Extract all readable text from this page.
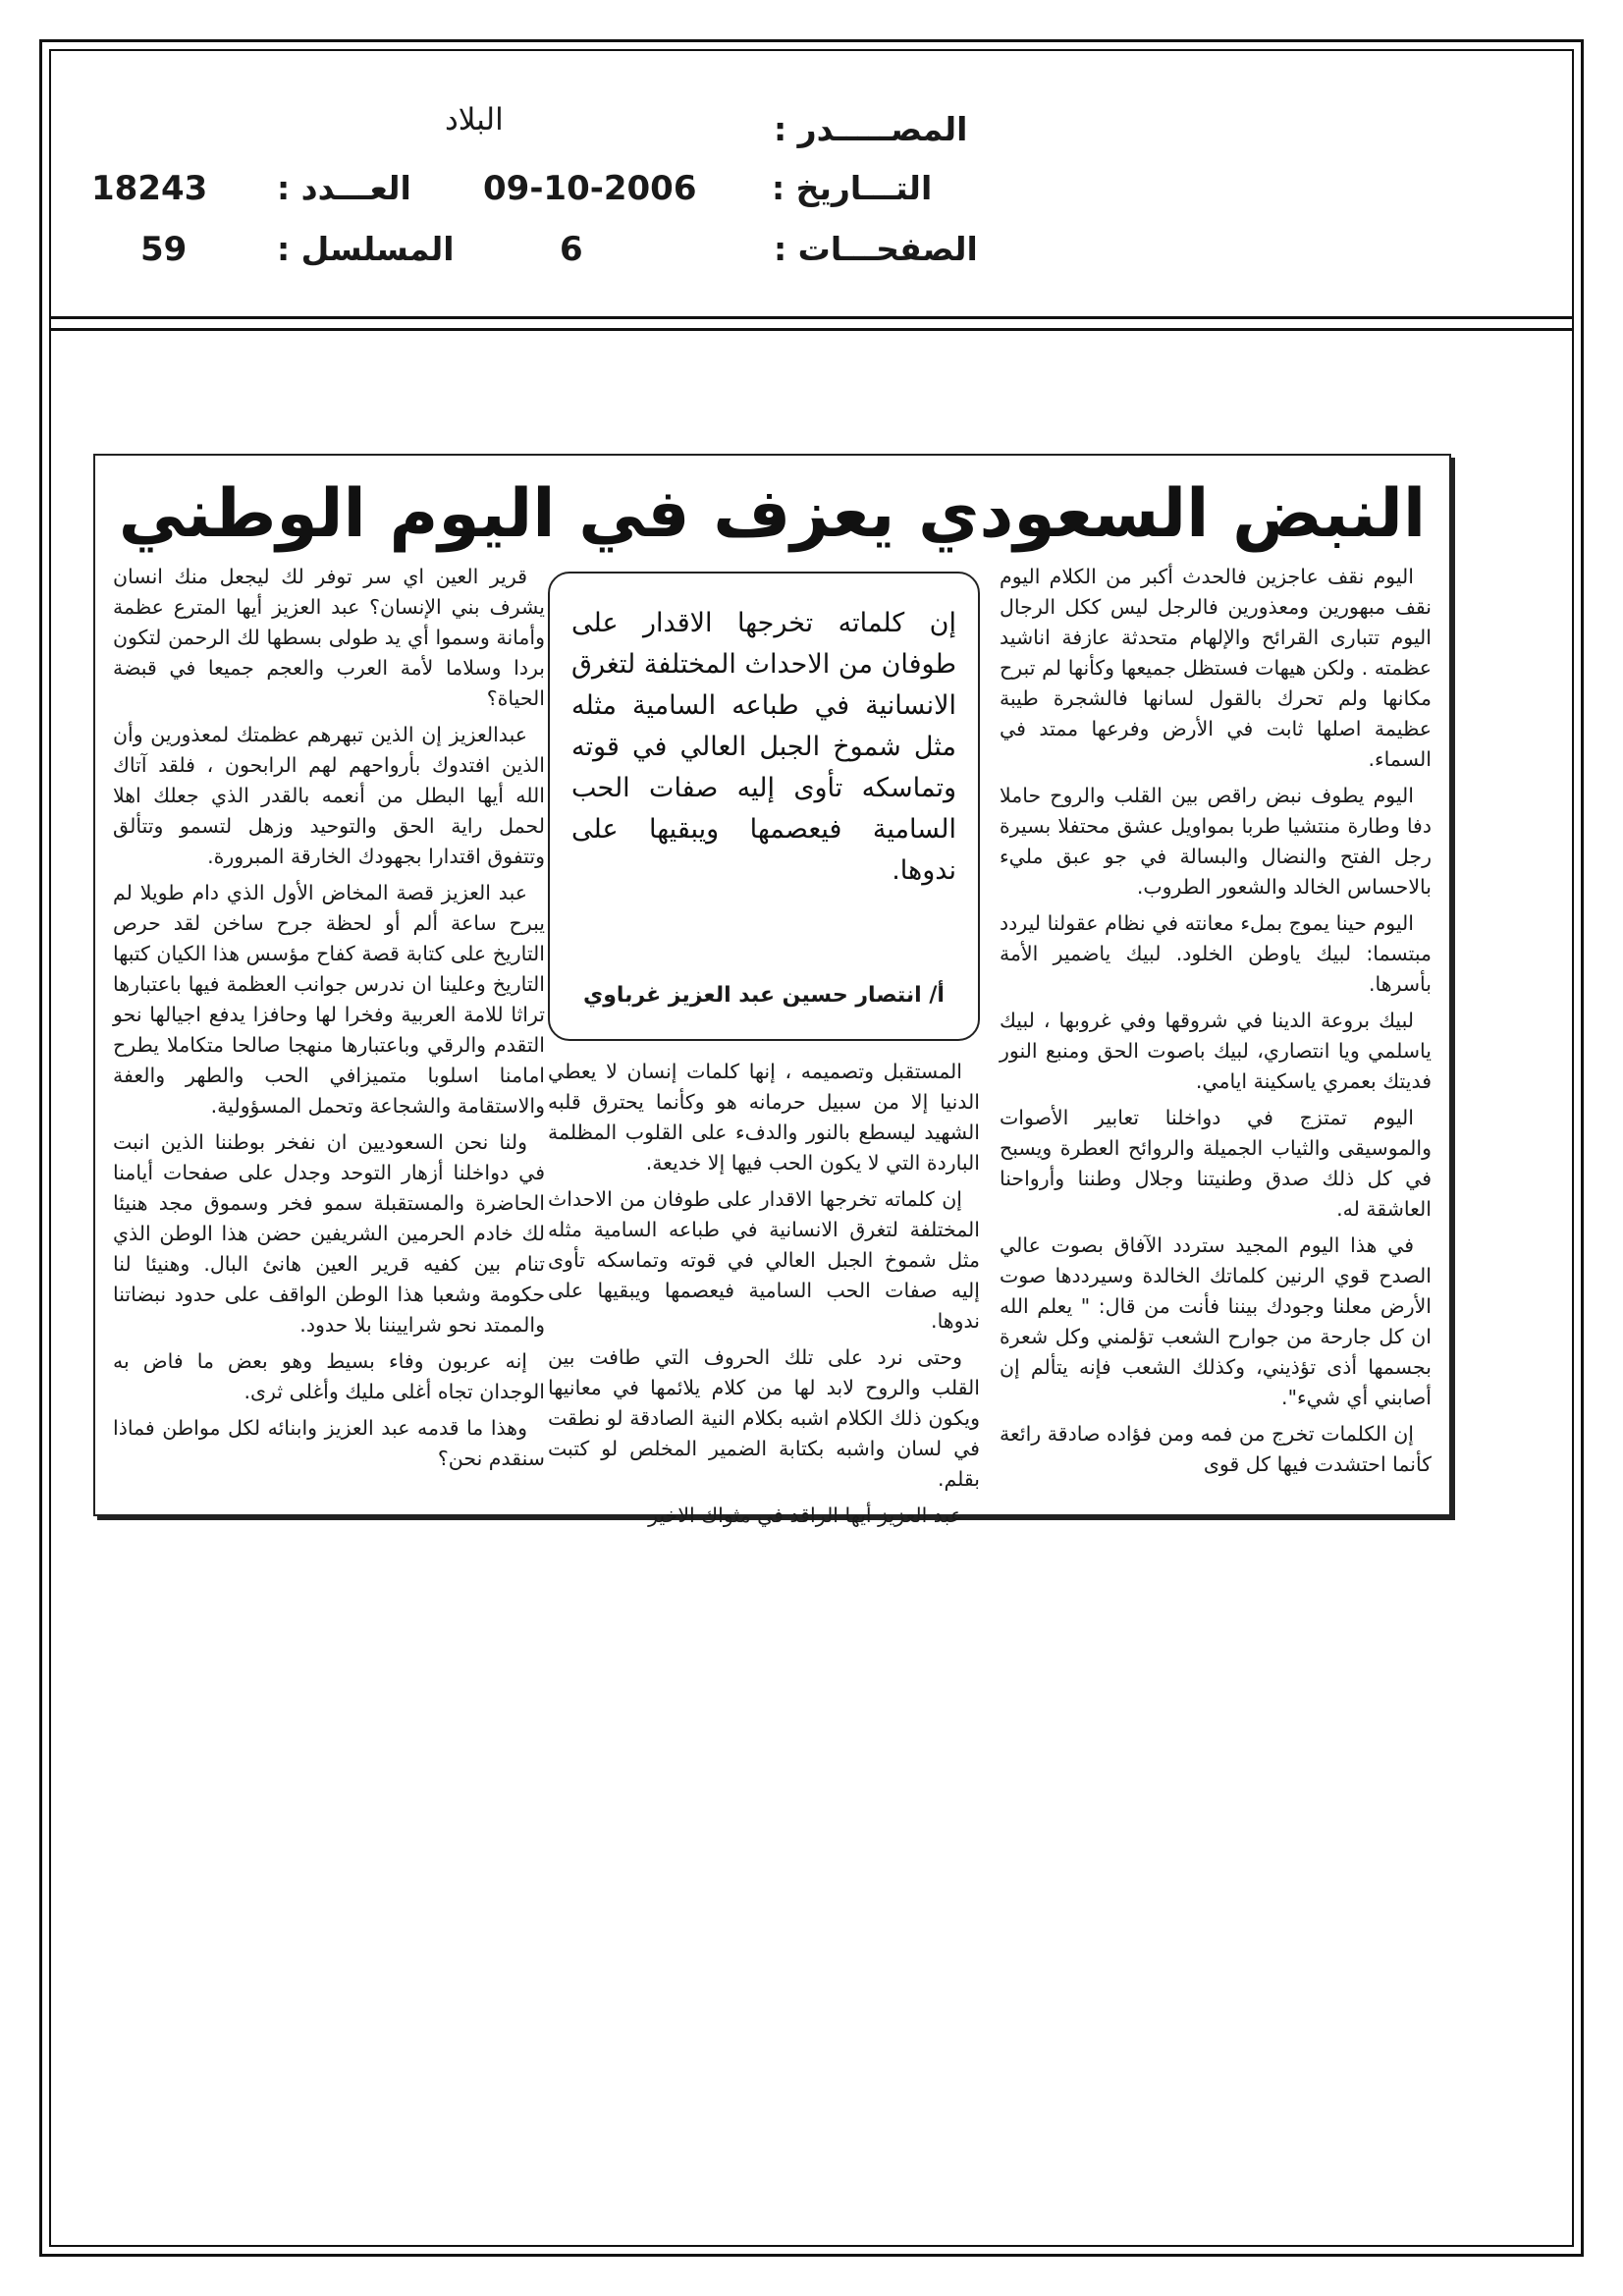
المصـــــدر :
البلاد
التـــاريخ :
09-10-2006
العـــدد :
18243
الصفحـــات :
6
المسلسل :
59
النبض السعودي يعزف في اليوم الوطني

اليوم نقف عاجزين فالحدث أكبر من الكلام اليوم نقف مبهورين ومعذورين فالرجل ليس ككل الرجال اليوم تتبارى القرائح والإلهام متحدثة عازفة اناشيد عظمته . ولكن هيهات فستظل جميعها وكأنها لم تبرح مكانها ولم تحرك بالقول لسانها فالشجرة طيبة عظيمة اصلها ثابت في الأرض وفرعها ممتد في السماء.

اليوم يطوف نبض راقص بين القلب والروح حاملا دفا وطارة منتشيا طربا بمواويل عشق محتفلا بسيرة رجل الفتح والنضال والبسالة في جو عبق مليء بالاحساس الخالد والشعور الطروب.

اليوم حينا يموج بملء معانته في نظام عقولنا ليردد مبتسما: لبيك ياوطن الخلود. لبيك ياضمير الأمة بأسرها.

لبيك بروعة الدينا في شروقها وفي غروبها ، لبيك ياسلمي ويا انتصاري، لبيك باصوت الحق ومنبع النور فديتك بعمري ياسكينة ايامي.

اليوم تمتزج في دواخلنا تعابير الأصوات والموسيقى والثياب الجميلة والروائح العطرة ويسبح في كل ذلك صدق وطنيتنا وجلال وطننا وأرواحنا العاشقة له.

في هذا اليوم المجيد ستردد الآفاق بصوت عالي الصدح قوي الرنين كلماتك الخالدة وسيرددها صوت الأرض معلنا وجودك بيننا فأنت من قال: " يعلم الله ان كل جارحة من جوارح الشعب تؤلمني وكل شعرة بجسمها أذى تؤذيني، وكذلك الشعب فإنه يتألم إن أصابني أي شيء".

إن الكلمات تخرج من فمه ومن فؤاده صادقة رائعة كأنما احتشدت فيها كل قوى

إن كلماته تخرجها الاقدار على طوفان من الاحداث المختلفة لتغرق الانسانية في طباعه السامية مثله مثل شموخ الجبل العالي في قوته وتماسكه تأوى إليه صفات الحب السامية فيعصمها ويبقيها على ندوها.
أ/ انتصار حسين عبد العزيز غرباوي

المستقبل وتصميمه ، إنها كلمات إنسان لا يعطي الدنيا إلا من سبيل حرمانه هو وكأنما يحترق قلبه الشهيد ليسطع بالنور والدفء على القلوب المظلمة الباردة التي لا يكون الحب فيها إلا خديعة.

إن كلماته تخرجها الاقدار على طوفان من الاحداث المختلفة لتغرق الانسانية في طباعه السامية مثله مثل شموخ الجبل العالي في قوته وتماسكه تأوى إليه صفات الحب السامية فيعصمها ويبقيها على ندوها.

وحتى نرد على تلك الحروف التي طافت بين القلب والروح لابد لها من كلام يلائمها في معانيها ويكون ذلك الكلام اشبه بكلام النية الصادقة لو نطقت في لسان واشبه بكتابة الضمير المخلص لو كتبت بقلم.

عبد العزيز أيها الراقد في مثواك الاخير

قرير العين اي سر توفر لك ليجعل منك انسان يشرف بني الإنسان؟ عبد العزيز أيها المترع عظمة وأمانة وسموا أي يد طولى بسطها لك الرحمن لتكون بردا وسلاما لأمة العرب والعجم جميعا في قبضة الحياة؟

عبدالعزيز إن الذين تبهرهم عظمتك لمعذورين وأن الذين افتدوك بأرواحهم لهم الرابحون ، فلقد آتاك الله أيها البطل من أنعمه بالقدر الذي جعلك اهلا لحمل راية الحق والتوحيد وزهل لتسمو وتتألق وتتفوق اقتدارا بجهودك الخارقة المبرورة.

عبد العزيز قصة المخاض الأول الذي دام طويلا لم يبرح ساعة ألم أو لحظة جرح ساخن لقد حرص التاريخ على كتابة قصة كفاح مؤسس هذا الكيان كتبها التاريخ وعلينا ان ندرس جوانب العظمة فيها باعتبارها تراثا للامة العربية وفخرا لها وحافزا يدفع اجيالها نحو التقدم والرقي وباعتبارها منهجا صالحا متكاملا يطرح امامنا اسلوبا متميزافي الحب والطهر والعفة والاستقامة والشجاعة وتحمل المسؤولية.

ولنا نحن السعوديين ان نفخر بوطننا الذين انبت في دواخلنا أزهار التوحد وجدل على صفحات أيامنا الحاضرة والمستقبلة سمو فخر وسموق مجد هنيئا لك خادم الحرمين الشريفين حضن هذا الوطن الذي تنام بين كفيه قرير العين هانئ البال. وهنيئا لنا حكومة وشعبا هذا الوطن الواقف على حدود نبضاتنا والممتد نحو شراييننا بلا حدود.

إنه عربون وفاء بسيط وهو بعض ما فاض به الوجدان تجاه أغلى مليك وأغلى ثرى.

وهذا ما قدمه عبد العزيز وابنائه لكل مواطن فماذا سنقدم نحن؟
